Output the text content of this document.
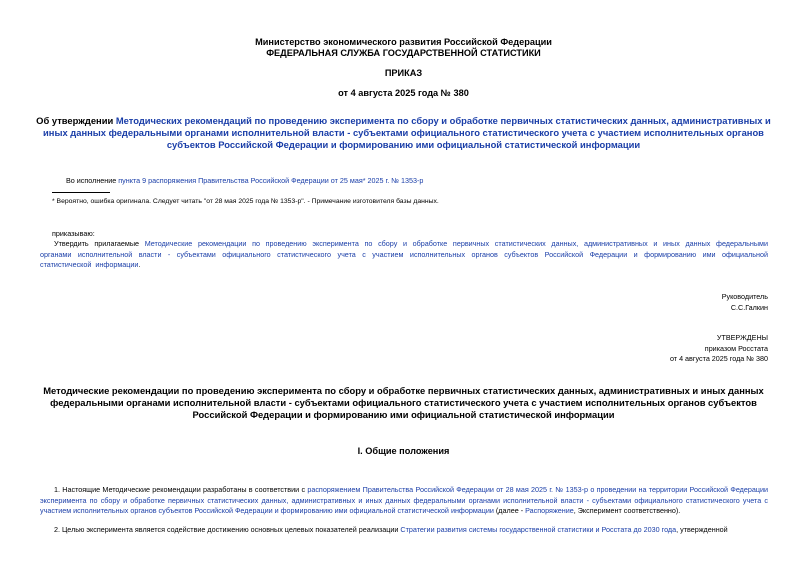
Министерство экономического развития Российской Федерации
ФЕДЕРАЛЬНАЯ СЛУЖБА ГОСУДАРСТВЕННОЙ СТАТИСТИКИ
ПРИКАЗ
от 4 августа 2025 года № 380
Об утверждении Методических рекомендаций по проведению эксперимента по сбору и обработке первичных статистических данных, административных и иных данных федеральными органами исполнительной власти - субъектами официального статистического учета с участием исполнительных органов субъектов Российской Федерации и формированию ими официальной статистической информации
Во исполнение пункта 9 распоряжения Правительства Российской Федерации от 25 мая* 2025 г. № 1353-р
* Вероятно, ошибка оригинала. Следует читать "от 28 мая 2025 года № 1353-р". - Примечание изготовителя базы данных.
приказываю:
Утвердить прилагаемые Методические рекомендации по проведению эксперимента по сбору и обработке первичных статистических данных, административных и иных данных федеральными органами исполнительной власти - субъектами официального статистического учета с участием исполнительных органов субъектов Российской Федерации и формированию ими официальной статистической информации.
Руководитель
С.С.Галкин
УТВЕРЖДЕНЫ
приказом Росстата
от 4 августа 2025 года № 380
Методические рекомендации по проведению эксперимента по сбору и обработке первичных статистических данных, административных и иных данных федеральными органами исполнительной власти - субъектами официального статистического учета с участием исполнительных органов субъектов Российской Федерации и формированию ими официальной статистической информации
I. Общие положения
1. Настоящие Методические рекомендации разработаны в соответствии с распоряжением Правительства Российской Федерации от 28 мая 2025 г. № 1353-р о проведении на территории Российской Федерации эксперимента по сбору и обработке первичных статистических данных, административных и иных данных федеральными органами исполнительной власти - субъектами официального статистического учета с участием исполнительных органов субъектов Российской Федерации и формированию ими официальной статистической информации (далее - Распоряжение, Эксперимент соответственно).
2. Целью эксперимента является содействие достижению основных целевых показателей реализации Стратегии развития системы государственной статистики и Росстата до 2030 года, утвержденной
